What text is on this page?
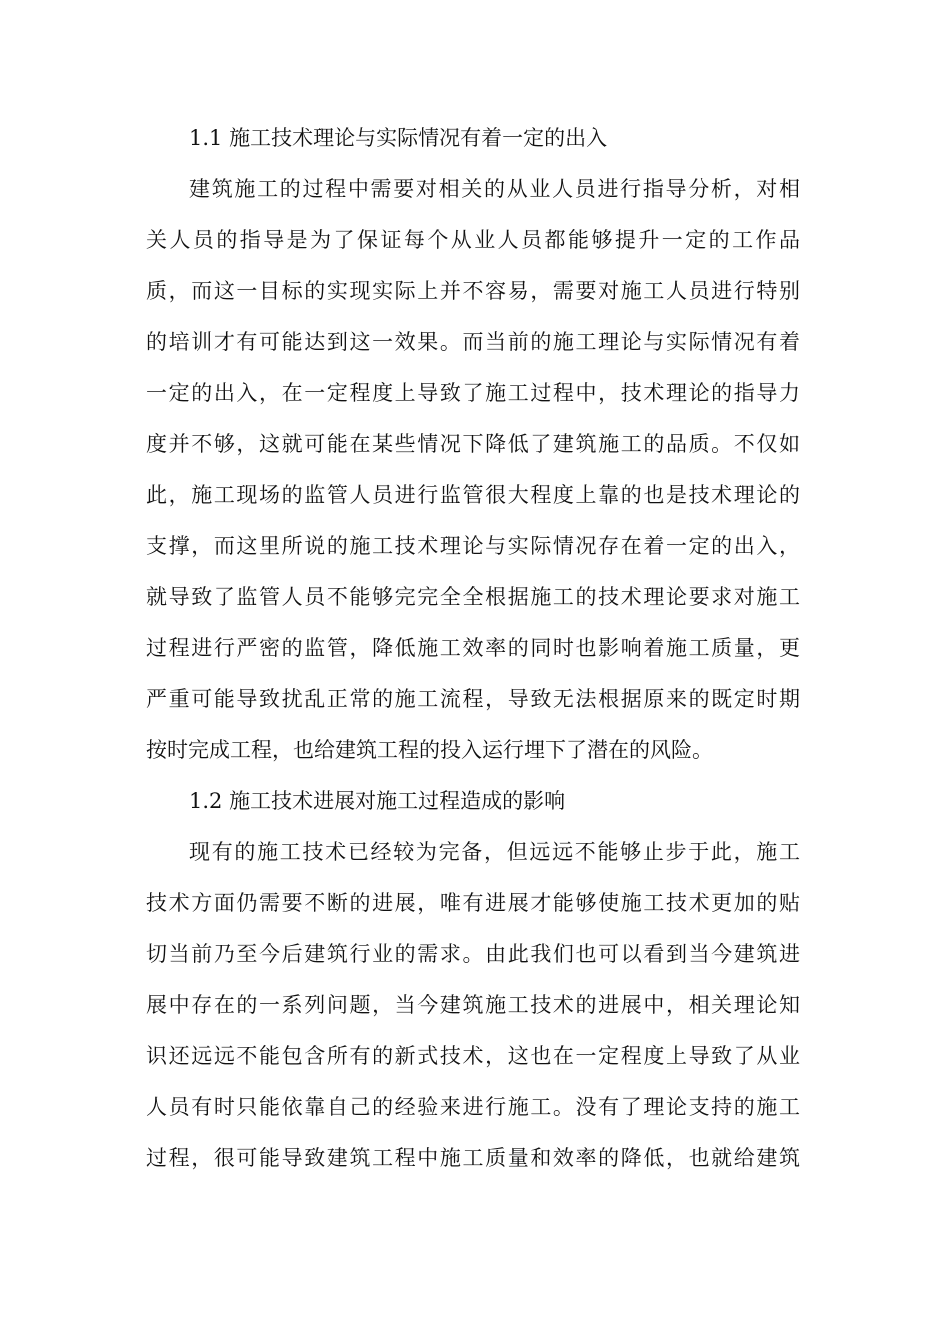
1.1 施工技术理论与实际情况有着一定的出入
建筑施工的过程中需要对相关的从业人员进行指导分析，对相
关人员的指导是为了保证每个从业人员都能够提升一定的工作品
质，而这一目标的实现实际上并不容易，需要对施工人员进行特别
的培训才有可能达到这一效果。而当前的施工理论与实际情况有着
一定的出入，在一定程度上导致了施工过程中，技术理论的指导力
度并不够，这就可能在某些情况下降低了建筑施工的品质。不仅如
此，施工现场的监管人员进行监管很大程度上靠的也是技术理论的
支撑，而这里所说的施工技术理论与实际情况存在着一定的出入，
就导致了监管人员不能够完完全全根据施工的技术理论要求对施工
过程进行严密的监管，降低施工效率的同时也影响着施工质量，更
严重可能导致扰乱正常的施工流程，导致无法根据原来的既定时期
按时完成工程，也给建筑工程的投入运行埋下了潜在的风险。
1.2 施工技术进展对施工过程造成的影响
现有的施工技术已经较为完备，但远远不能够止步于此，施工
技术方面仍需要不断的进展，唯有进展才能够使施工技术更加的贴
切当前乃至今后建筑行业的需求。由此我们也可以看到当今建筑进
展中存在的一系列问题，当今建筑施工技术的进展中，相关理论知
识还远远不能包含所有的新式技术，这也在一定程度上导致了从业
人员有时只能依靠自己的经验来进行施工。没有了理论支持的施工
过程，很可能导致建筑工程中施工质量和效率的降低，也就给建筑
